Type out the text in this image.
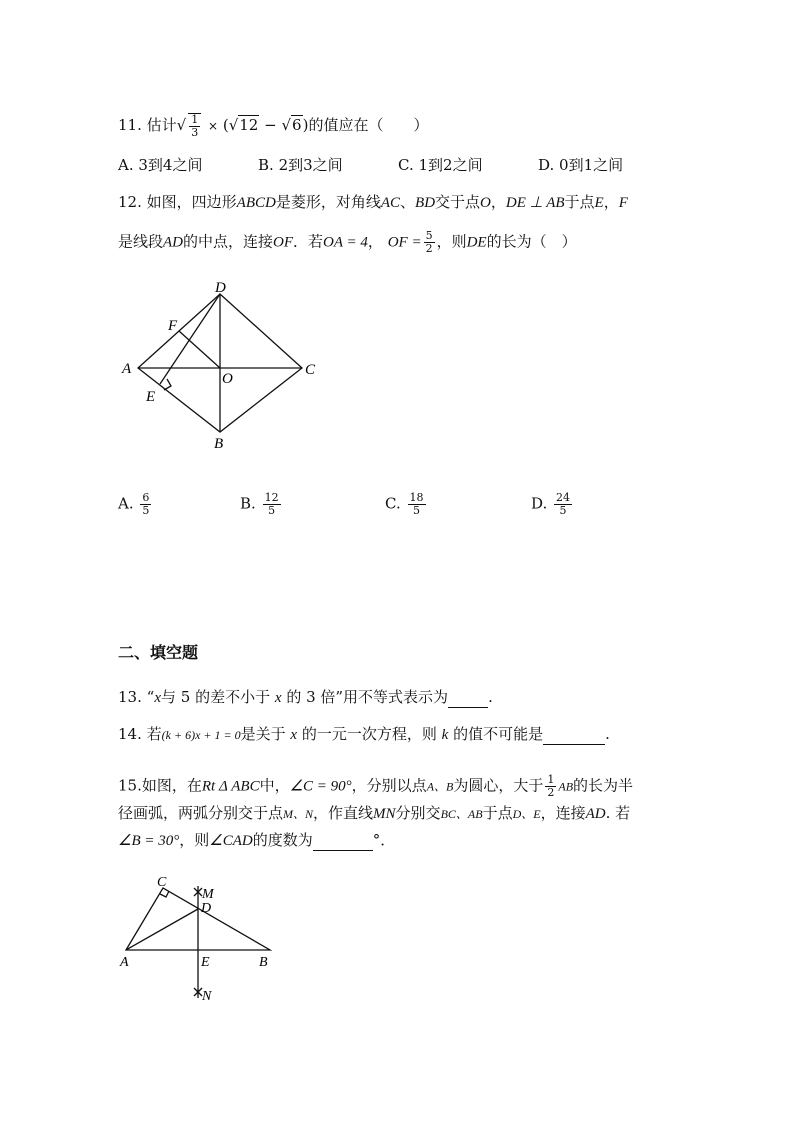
11. 估计√ $\frac{1}{3} \times (√12 - √6)$的值应在（　　）
A. 3到4之间	B. 2到3之间	C. 1到2之间	D. 0到1之间
12. 如图，四边形ABCD是菱形，对角线AC、BD交于点O，DE ⊥ AB于点E，F
是线段AD的中点，连接OF．若OA = 4， OF = $\frac{5}{2}$ ，则DE的长为（　）
D
F
A
O
C
E
B
A. $\frac{6}{5}$	B. $\frac{12}{5}$	C. $\frac{18}{5}$	D. $\frac{24}{5}$
二、填空题
13. “x与 5 的差不小于 x 的 3 倍”用不等式表示为	.
14. 若(k + 6)x + 1 = 0是关于 x 的一元一次方程，则 k 的值不可能是	.
15.如图，在Rt Δ ABC中，∠C = 90°，分别以点A、B为圆心，大于 $\frac{1}{2}$ AB的长为半
径画弧，两弧分别交于点M、N，作直线MN分别交BC、AB于点D、E，连接AD. 若
∠B = 30°，则∠CAD的度数为	°．
C
M
D
A	E	B
N
